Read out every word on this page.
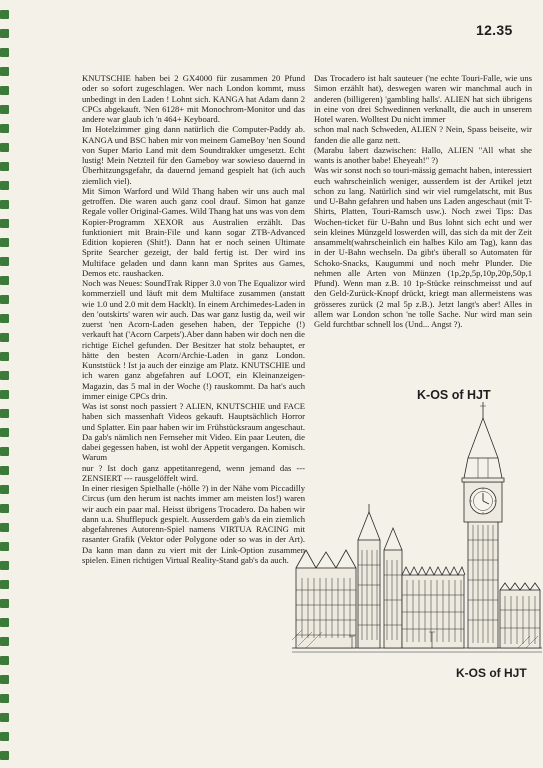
12.35

KNUTSCHIE haben bei 2 GX4000 für zusammen 20 Pfund oder so sofort zugeschlagen. Wer nach London kommt, muss unbedingt in den Laden ! Lohnt sich. KANGA hat Adam dann 2 CPCs abgekauft. 'Nen 6128+ mit Monochrom-Monitor und das andere war glaub ich 'n 464+ Keyboard.

Im Hotelzimmer ging dann natürlich die Computer-Paddy ab. KANGA und BSC haben mir von meinem GameBoy 'nen Sound von Super Mario Land mit dem Soundtrakker umgesetzt. Echt lustig! Mein Netzteil für den Gameboy war sowieso dauernd in Überhitzungsgefahr, da dauernd jemand gespielt hat (ich auch ziemlich viel).

Mit Simon Warford und Wild Thang haben wir uns auch mal getroffen. Die waren auch ganz cool drauf. Simon hat ganze Regale voller Original-Games. Wild Thang hat uns was von dem Kopier-Programm XEXOR aus Australien erzählt. Das funktioniert mit Brain-File und kann sogar ZTB-Advanced Edition kopieren (Shit!). Dann hat er noch seinen Ultimate Sprite Searcher gezeigt, der bald fertig ist. Der wird ins Multiface geladen und dann kann man Sprites aus Games, Demos etc. raushacken.

Noch was Neues: SoundTrak Ripper 3.0 von The Equalizor wird kommerziell und läuft mit dem Multiface zusammen (anstatt wie 1.0 und 2.0 mit dem Hacklt). In einem Archimedes-Laden in den 'outskirts' waren wir auch. Das war ganz lustig da, weil wir zuerst 'nen Acorn-Laden gesehen haben, der Teppiche (!) verkauft hat ('Acorn Carpets').Aber dann haben wir doch nen die richtige Eichel gefunden. Der Besitzer hat stolz behauptet, er hätte den besten Acorn/Archie-Laden in ganz London. Kunststück ! Ist ja auch der einzige am Platz. KNUTSCHIE und ich waren ganz abgefahren auf LOOT, ein Kleinanzeigen-Magazin, das 5 mal in der Woche (!) rauskommt. Da hat's auch immer einige CPCs drin.

Was ist sonst noch passiert ? ALIEN, KNUTSCHIE und FACE haben sich massenhaft Videos gekauft. Hauptsächlich Horror und Splatter. Ein paar haben wir im Frühstücksraum angeschaut. Da gab's nämlich nen Fernseher mit Video. Ein paar Leuten, die dabei gegessen haben, ist wohl der Appetit vergangen. Komisch. Warum

nur ? Ist doch ganz appetitanregend, wenn jemand das --- ZENSIERT --- rausgelöffelt wird.

In einer riesigen Spielhalle (-hölle ?) in der Nähe vom Piccadilly Circus (um den herum ist nachts immer am meisten los!) waren wir auch ein paar mal. Heisst übrigens Trocadero. Da haben wir dann u.a. Shufflepuck gespielt. Ausserdem gab's da ein ziemlich abgefahrenes Autorenn-Spiel namens VIRTUA RACING mit rasanter Grafik (Vektor oder Polygone oder so was in der Art). Da kann man dann zu viert mit der Link-Option zusammen spielen. Einen richtigen Virtual Reality-Stand gab's da auch.

Das Trocadero ist halt sauteuer ('ne echte Touri-Falle, wie uns Simon erzählt hat), deswegen waren wir manchmal auch in anderen (billigeren) 'gambling halls'. ALIEN hat sich übrigens in eine von drei Schwedinnen verknallt, die auch in unserem Hotel waren. Wolltest Du nicht immer

schon mal nach Schweden, ALIEN ? Nein, Spass beiseite, wir fanden die alle ganz nett.

(Marabu labert dazwischen: Hallo, ALIEN "All what she wants is another babe! Eheyeah!" ?)

Was wir sonst noch so touri-mässig gemacht haben, interessiert euch wahrscheinlich weniger, ausserdem ist der Artikel jetzt schon zu lang. Natürlich sind wir viel rumgelatscht, mit Bus und U-Bahn gefahren und haben uns Laden angeschaut (mit T-Shirts, Platten, Touri-Ramsch usw.). Noch zwei Tips: Das Wochen-ticket für U-Bahn und Bus lohnt sich echt und wer sein kleines Münzgeld loswerden will, das sich da mit der Zeit ansammelt(wahrscheinlich ein halbes Kilo am Tag), kann das in der U-Bahn wechseln. Da gibt's überall so Automaten für Schoko-Snacks, Kaugummi und noch mehr Plunder. Die nehmen alle Arten von Münzen (1p,2p,5p,10p,20p,50p,1 Pfund). Wenn man z.B. 10 1p-Stücke reinschmeisst und auf den Geld-Zurück-Knopf drückt, kriegt man allermeistens was grösseres zurück (2 mal 5p z.B.). Jetzt langt's aber! Alles in allem war London schon 'ne tolle Sache. Nur wird man sein Geld furchtbar schnell los (Und... Angst ?).

K-OS of HJT
K-OS of HJT
